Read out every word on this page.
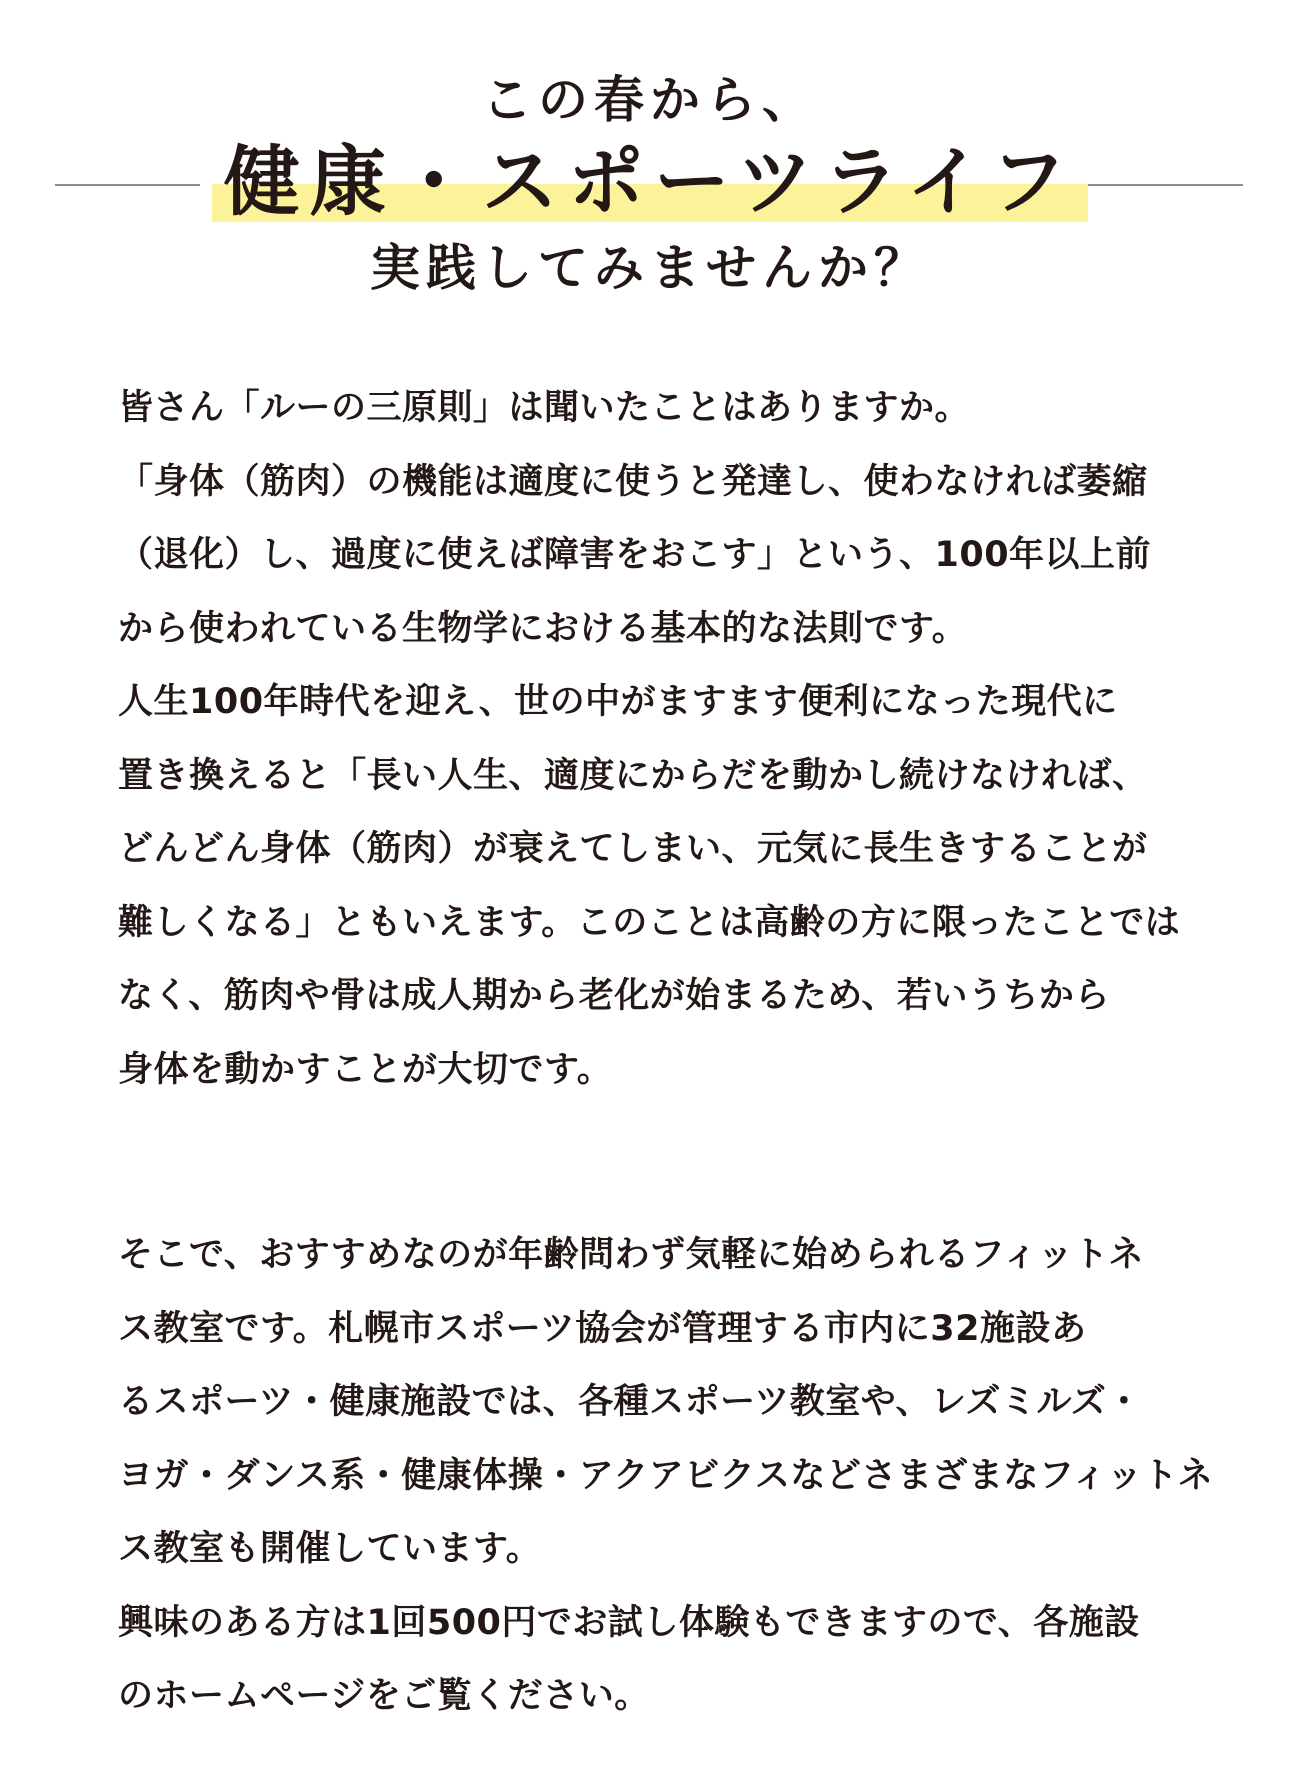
この春から、
健康・スポーツライフ
実践してみませんか？
皆さん「ルーの三原則」は聞いたことはありますか。
「身体（筋肉）の機能は適度に使うと発達し、使わなければ萎縮
（退化）し、過度に使えば障害をおこす」という、100年以上前
から使われている生物学における基本的な法則です。
人生100年時代を迎え、世の中がますます便利になった現代に
置き換えると「長い人生、適度にからだを動かし続けなければ、
どんどん身体（筋肉）が衰えてしまい、元気に長生きすることが
難しくなる」ともいえます。このことは高齢の方に限ったことでは
なく、筋肉や骨は成人期から老化が始まるため、若いうちから
身体を動かすことが大切です。
そこで、おすすめなのが年齢問わず気軽に始められるフィットネ
ス教室です。札幌市スポーツ協会が管理する市内に32施設あ
るスポーツ・健康施設では、各種スポーツ教室や、レズミルズ・
ヨガ・ダンス系・健康体操・アクアビクスなどさまざまなフィットネ
ス教室も開催しています。
興味のある方は1回500円でお試し体験もできますので、各施設
のホームページをご覧ください。
